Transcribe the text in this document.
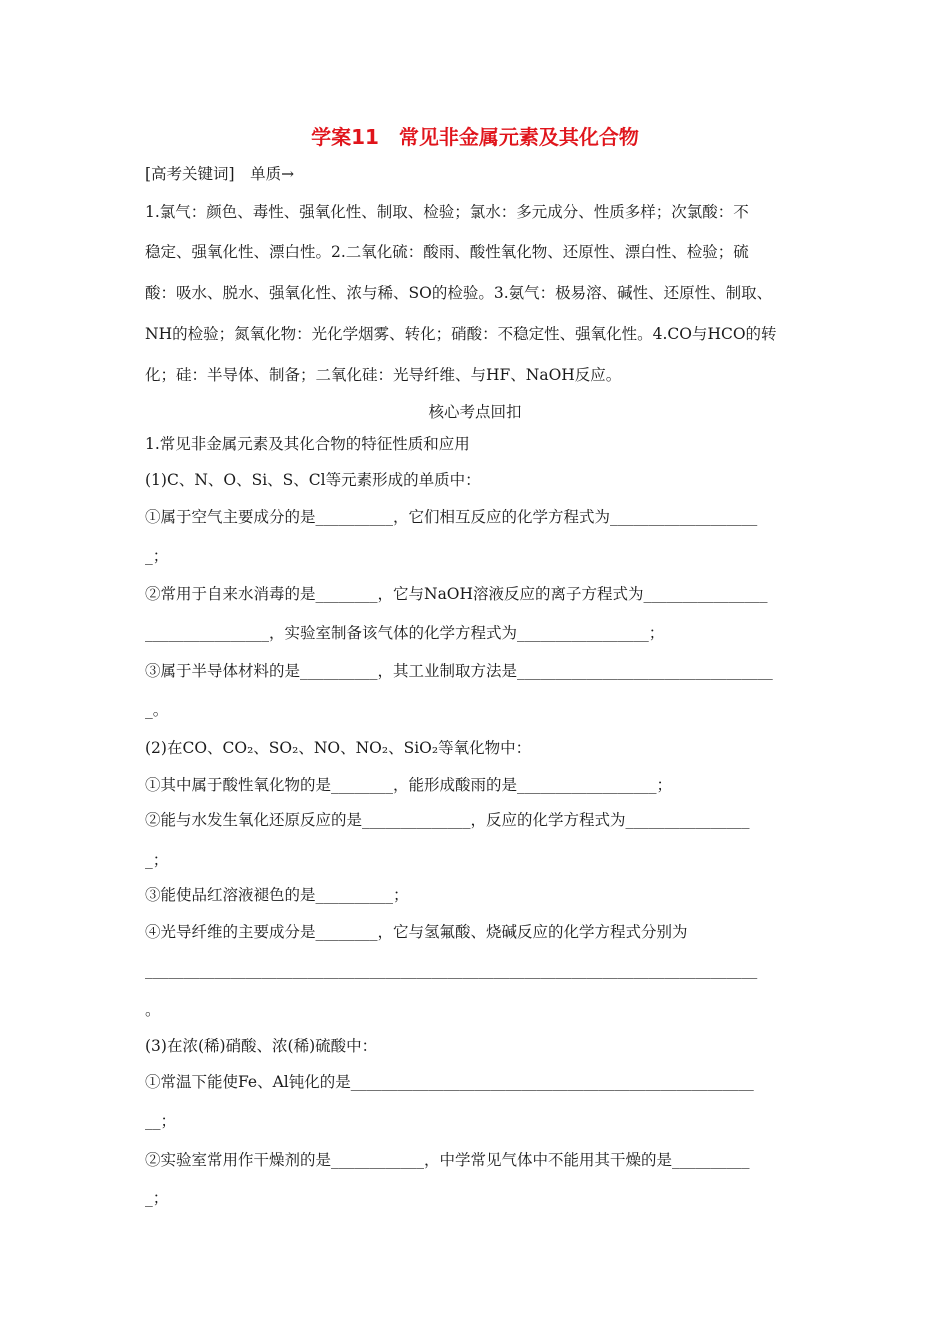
学案11　常见非金属元素及其化合物
[高考关键词]　单质→
1.氯气：颜色、毒性、强氧化性、制取、检验；氯水：多元成分、性质多样；次氯酸：不
稳定、强氧化性、漂白性。2.二氧化硫：酸雨、酸性氧化物、还原性、漂白性、检验；硫
酸：吸水、脱水、强氧化性、浓与稀、SO的检验。3.氨气：极易溶、碱性、还原性、制取、
NH的检验；氮氧化物：光化学烟雾、转化；硝酸：不稳定性、强氧化性。4.CO与HCO的转
化；硅：半导体、制备；二氧化硅：光导纤维、与HF、NaOH反应。
核心考点回扣
1.常见非金属元素及其化合物的特征性质和应用
(1)C、N、O、Si、S、Cl等元素形成的单质中：
①属于空气主要成分的是__________，它们相互反应的化学方程式为___________________
_；
②常用于自来水消毒的是________，它与NaOH溶液反应的离子方程式为________________
________________，实验室制备该气体的化学方程式为_________________；
③属于半导体材料的是__________，其工业制取方法是_________________________________
_。
(2)在CO、CO₂、SO₂、NO、NO₂、SiO₂等氧化物中：
①其中属于酸性氧化物的是________，能形成酸雨的是__________________；
②能与水发生氧化还原反应的是______________，反应的化学方程式为________________
_；
③能使品红溶液褪色的是__________；
④光导纤维的主要成分是________，它与氢氟酸、烧碱反应的化学方程式分别为
_______________________________________________________________________________
。
(3)在浓(稀)硝酸、浓(稀)硫酸中：
①常温下能使Fe、Al钝化的是____________________________________________________
__；
②实验室常用作干燥剂的是____________，中学常见气体中不能用其干燥的是__________
_；
